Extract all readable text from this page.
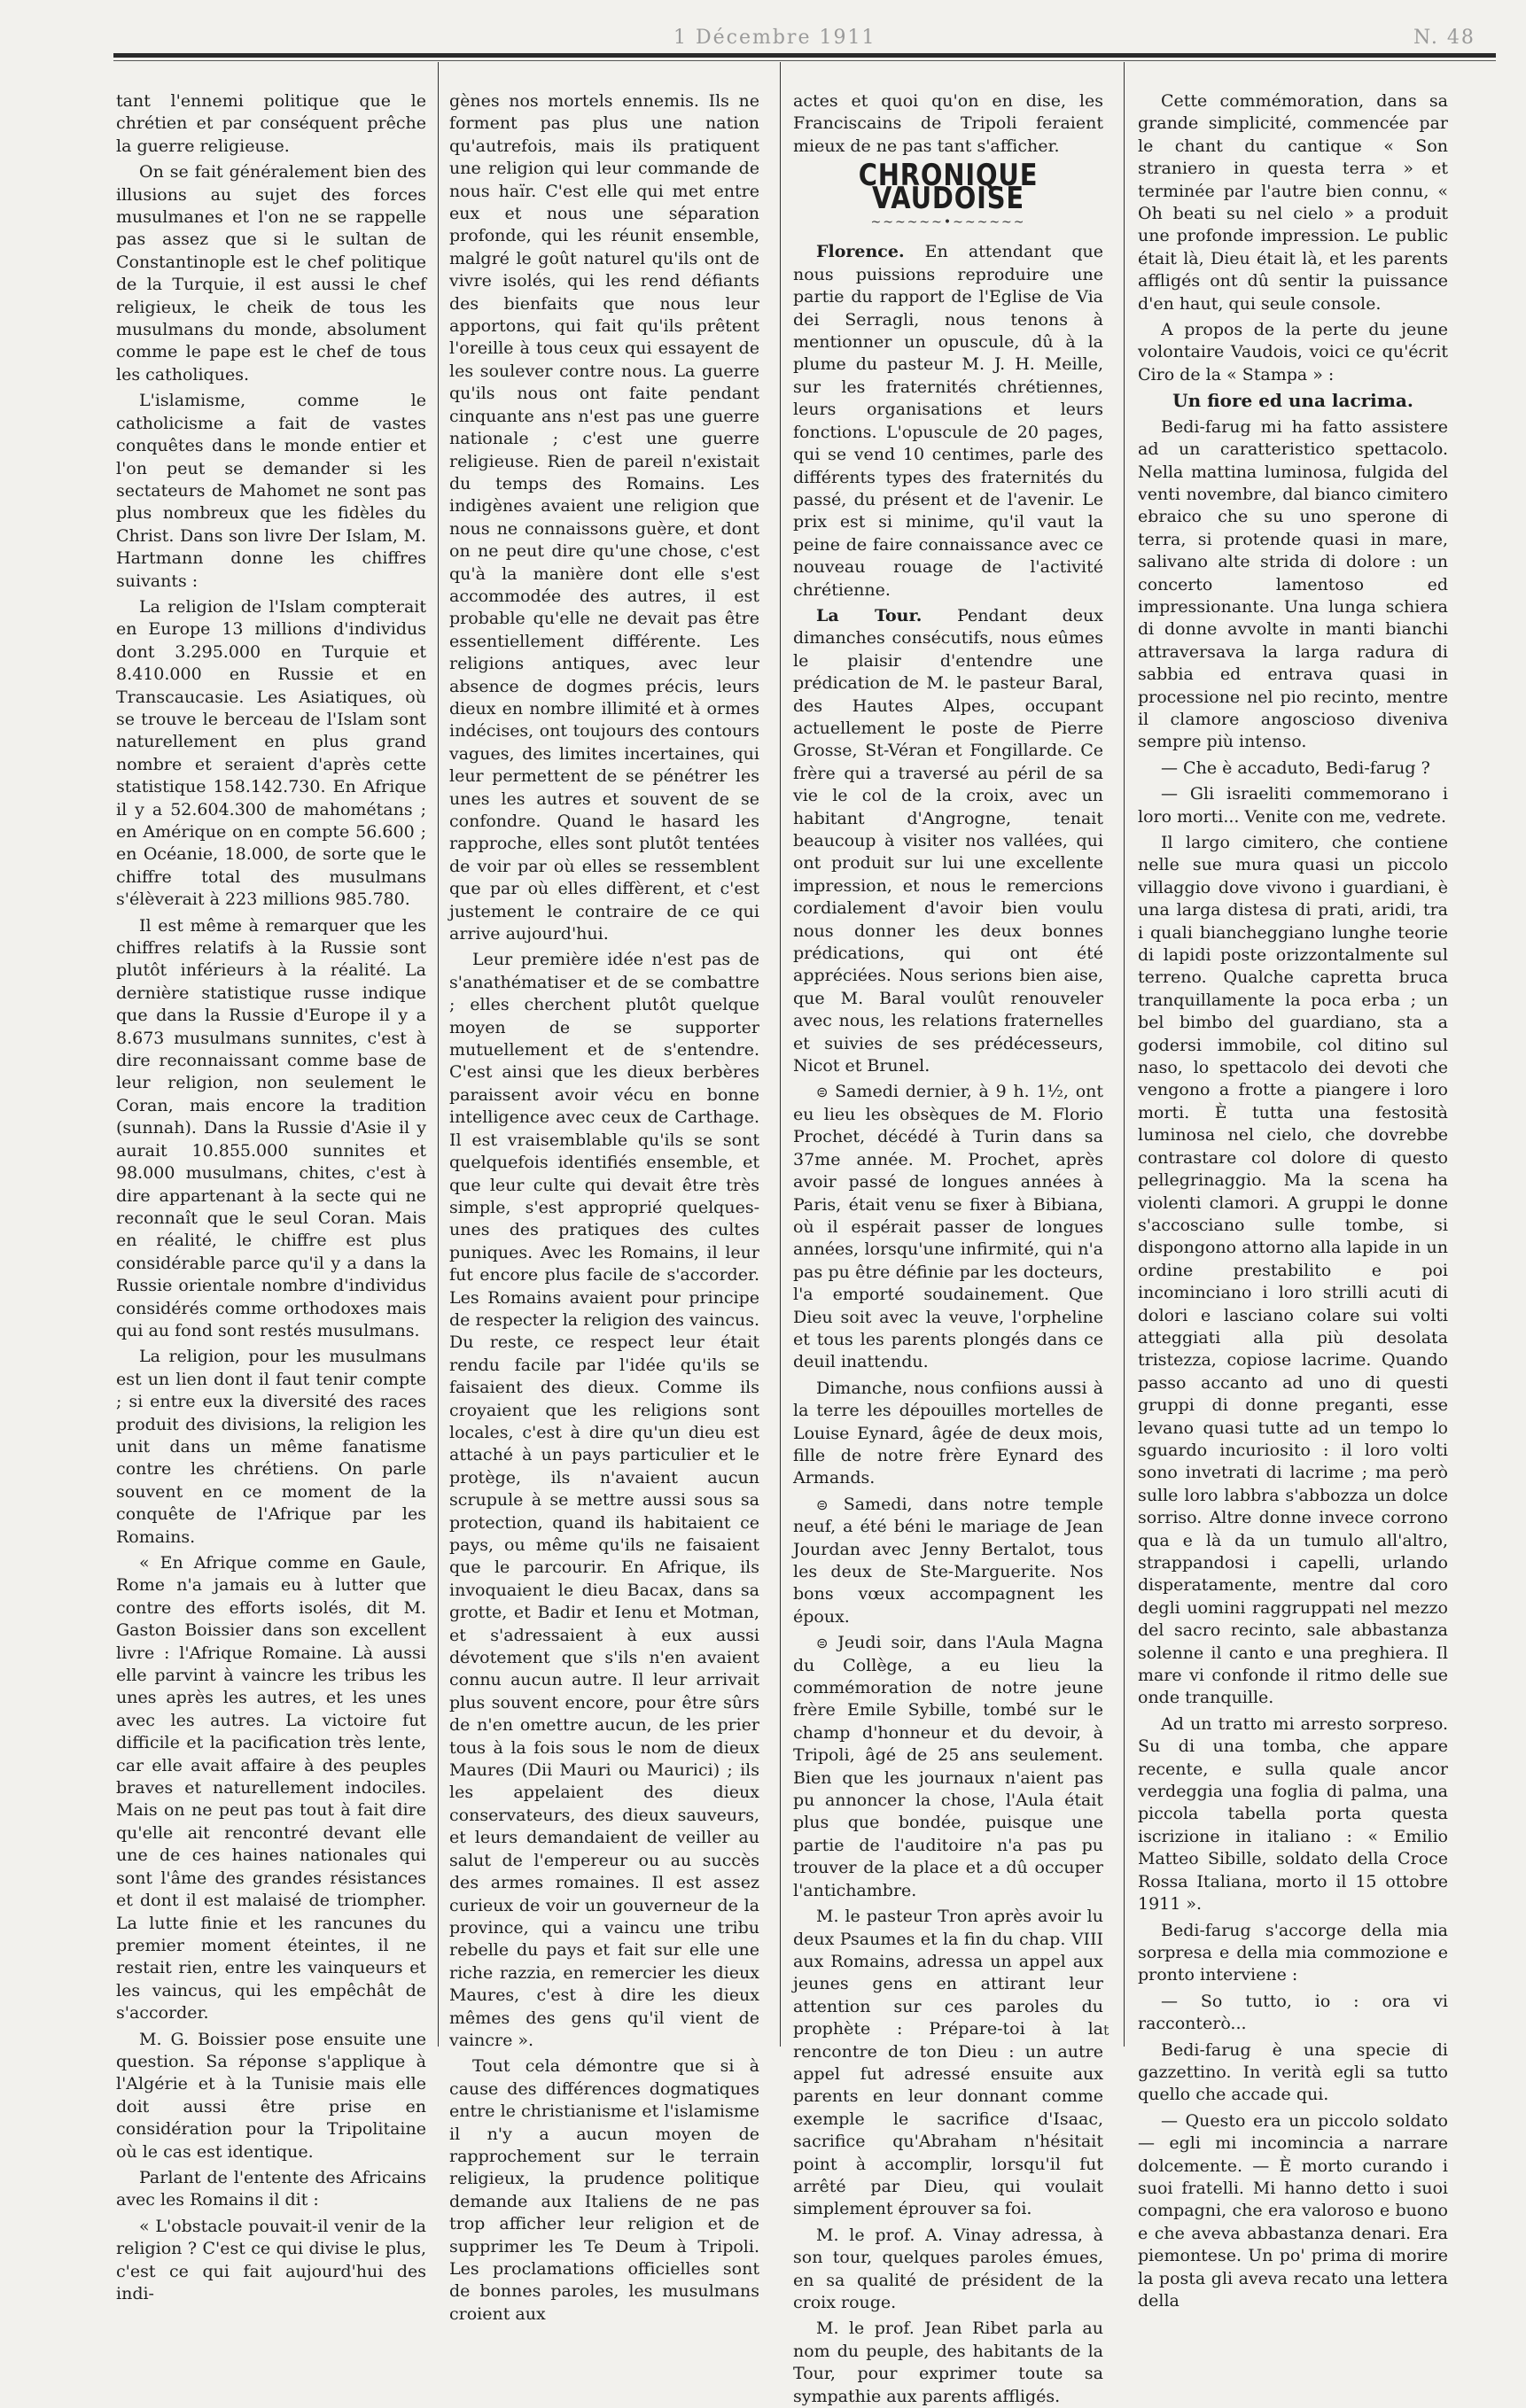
N. 48
1 Décembre 1911

tant l'ennemi politique que le chrétien et par conséquent prêche la guerre religieuse.

On se fait généralement bien des illusions au sujet des forces musulmanes et l'on ne se rappelle pas assez que si le sultan de Constantinople est le chef politique de la Turquie, il est aussi le chef religieux, le cheik de tous les musulmans du monde, absolument comme le pape est le chef de tous les catholiques.

L'islamisme, comme le catholicisme a fait de vastes conquêtes dans le monde entier et l'on peut se demander si les sectateurs de Mahomet ne sont pas plus nombreux que les fidèles du Christ. Dans son livre Der Islam, M. Hartmann donne les chiffres suivants :

La religion de l'Islam compterait en Europe 13 millions d'individus dont 3.295.000 en Turquie et 8.410.000 en Russie et en Transcaucasie. Les Asiatiques, où se trouve le berceau de l'Islam sont naturellement en plus grand nombre et seraient d'après cette statistique 158.142.730. En Afrique il y a 52.604.300 de mahométans ; en Amérique on en compte 56.600 ; en Océanie, 18.000, de sorte que le chiffre total des musulmans s'élèverait à 223 millions 985.780.

Il est même à remarquer que les chiffres relatifs à la Russie sont plutôt inférieurs à la réalité. La dernière statistique russe indique que dans la Russie d'Europe il y a 8.673 musulmans sunnites, c'est à dire reconnaissant comme base de leur religion, non seulement le Coran, mais encore la tradition (sunnah). Dans la Russie d'Asie il y aurait 10.855.000 sunnites et 98.000 musulmans, chites, c'est à dire appartenant à la secte qui ne reconnaît que le seul Coran. Mais en réalité, le chiffre est plus considérable parce qu'il y a dans la Russie orientale nombre d'individus considérés comme orthodoxes mais qui au fond sont restés musulmans.

La religion, pour les musulmans est un lien dont il faut tenir compte ; si entre eux la diversité des races produit des divisions, la religion les unit dans un même fanatisme contre les chrétiens. On parle souvent en ce moment de la conquête de l'Afrique par les Romains.

« En Afrique comme en Gaule, Rome n'a jamais eu à lutter que contre des efforts isolés, dit M. Gaston Boissier dans son excellent livre : l'Afrique Romaine. Là aussi elle parvint à vaincre les tribus les unes après les autres, et les unes avec les autres. La victoire fut difficile et la pacification très lente, car elle avait affaire à des peuples braves et naturellement indociles. Mais on ne peut pas tout à fait dire qu'elle ait rencontré devant elle une de ces haines nationales qui sont l'âme des grandes résistances et dont il est malaisé de triompher. La lutte finie et les rancunes du premier moment éteintes, il ne restait rien, entre les vainqueurs et les vaincus, qui les empêchât de s'accorder.

M. G. Boissier pose ensuite une question. Sa réponse s'applique à l'Algérie et à la Tunisie mais elle doit aussi être prise en considération pour la Tripolitaine où le cas est identique.

Parlant de l'entente des Africains avec les Romains il dit :

« L'obstacle pouvait-il venir de la religion ? C'est ce qui divise le plus, c'est ce qui fait aujourd'hui des indi-

gènes nos mortels ennemis. Ils ne forment pas plus une nation qu'autrefois, mais ils pratiquent une religion qui leur commande de nous haïr. C'est elle qui met entre eux et nous une séparation profonde, qui les réunit ensemble, malgré le goût naturel qu'ils ont de vivre isolés, qui les rend défiants des bienfaits que nous leur apportons, qui fait qu'ils prêtent l'oreille à tous ceux qui essayent de les soulever contre nous. La guerre qu'ils nous ont faite pendant cinquante ans n'est pas une guerre nationale ; c'est une guerre religieuse. Rien de pareil n'existait du temps des Romains. Les indigènes avaient une religion que nous ne connaissons guère, et dont on ne peut dire qu'une chose, c'est qu'à la manière dont elle s'est accommodée des autres, il est probable qu'elle ne devait pas être essentiellement différente. Les religions antiques, avec leur absence de dogmes précis, leurs dieux en nombre illimité et à ormes indécises, ont toujours des contours vagues, des limites incertaines, qui leur permettent de se pénétrer les unes les autres et souvent de se confondre. Quand le hasard les rapproche, elles sont plutôt tentées de voir par où elles se ressemblent que par où elles diffèrent, et c'est justement le contraire de ce qui arrive aujourd'hui.

Leur première idée n'est pas de s'anathématiser et de se combattre ; elles cherchent plutôt quelque moyen de se supporter mutuellement et de s'entendre. C'est ainsi que les dieux berbères paraissent avoir vécu en bonne intelligence avec ceux de Carthage. Il est vraisemblable qu'ils se sont quelquefois identifiés ensemble, et que leur culte qui devait être très simple, s'est approprié quelques-unes des pratiques des cultes puniques. Avec les Romains, il leur fut encore plus facile de s'accorder. Les Romains avaient pour principe de respecter la religion des vaincus. Du reste, ce respect leur était rendu facile par l'idée qu'ils se faisaient des dieux. Comme ils croyaient que les religions sont locales, c'est à dire qu'un dieu est attaché à un pays particulier et le protège, ils n'avaient aucun scrupule à se mettre aussi sous sa protection, quand ils habitaient ce pays, ou même qu'ils ne faisaient que le parcourir. En Afrique, ils invoquaient le dieu Bacax, dans sa grotte, et Badir et Ienu et Motman, et s'adressaient à eux aussi dévotement que s'ils n'en avaient connu aucun autre. Il leur arrivait plus souvent encore, pour être sûrs de n'en omettre aucun, de les prier tous à la fois sous le nom de dieux Maures (Dii Mauri ou Maurici) ; ils les appelaient des dieux conservateurs, des dieux sauveurs, et leurs demandaient de veiller au salut de l'empereur ou au succès des armes romaines. Il est assez curieux de voir un gouverneur de la province, qui a vaincu une tribu rebelle du pays et fait sur elle une riche razzia, en remercier les dieux Maures, c'est à dire les dieux mêmes des gens qu'il vient de vaincre ».

Tout cela démontre que si à cause des différences dogmatiques entre le christianisme et l'islamisme il n'y a aucun moyen de rapprochement sur le terrain religieux, la prudence politique demande aux Italiens de ne pas trop afficher leur religion et de supprimer les Te Deum à Tripoli. Les proclamations officielles sont de bonnes paroles, les musulmans croient aux

actes et quoi qu'on en dise, les Franciscains de Tripoli feraient mieux de ne pas tant s'afficher.

CHRONIQUE VAUDOISE
~~~~~~•~~~~~~

Florence. En attendant que nous puissions reproduire une partie du rapport de l'Eglise de Via dei Serragli, nous tenons à mentionner un opuscule, dû à la plume du pasteur M. J. H. Meille, sur les fraternités chrétiennes, leurs organisations et leurs fonctions. L'opuscule de 20 pages, qui se vend 10 centimes, parle des différents types des fraternités du passé, du présent et de l'avenir. Le prix est si minime, qu'il vaut la peine de faire connaissance avec ce nouveau rouage de l'activité chrétienne.

La Tour. Pendant deux dimanches consécutifs, nous eûmes le plaisir d'entendre une prédication de M. le pasteur Baral, des Hautes Alpes, occupant actuellement le poste de Pierre Grosse, St-Véran et Fongillarde. Ce frère qui a traversé au péril de sa vie le col de la croix, avec un habitant d'Angrogne, tenait beaucoup à visiter nos vallées, qui ont produit sur lui une excellente impression, et nous le remercions cordialement d'avoir bien voulu nous donner les deux bonnes prédications, qui ont été appréciées. Nous serions bien aise, que M. Baral voulût renouveler avec nous, les relations fraternelles et suivies de ses prédécesseurs, Nicot et Brunel.

⊜ Samedi dernier, à 9 h. 1½, ont eu lieu les obsèques de M. Florio Prochet, décédé à Turin dans sa 37me année. M. Prochet, après avoir passé de longues années à Paris, était venu se fixer à Bibiana, où il espérait passer de longues années, lorsqu'une infirmité, qui n'a pas pu être définie par les docteurs, l'a emporté soudainement. Que Dieu soit avec la veuve, l'orpheline et tous les parents plongés dans ce deuil inattendu.

Dimanche, nous confiions aussi à la terre les dépouilles mortelles de Louise Eynard, âgée de deux mois, fille de notre frère Eynard des Armands.

⊜ Samedi, dans notre temple neuf, a été béni le mariage de Jean Jourdan avec Jenny Bertalot, tous les deux de Ste-Marguerite. Nos bons vœux accompagnent les époux.

⊜ Jeudi soir, dans l'Aula Magna du Collège, a eu lieu la commémoration de notre jeune frère Emile Sybille, tombé sur le champ d'honneur et du devoir, à Tripoli, âgé de 25 ans seulement. Bien que les journaux n'aient pas pu annoncer la chose, l'Aula était plus que bondée, puisque une partie de l'auditoire n'a pas pu trouver de la place et a dû occuper l'antichambre.

M. le pasteur Tron après avoir lu deux Psaumes et la fin du chap. VIII aux Romains, adressa un appel aux jeunes gens en attirant leur attention sur ces paroles du prophète : Prépare-toi à la rencontre de ton Dieu : un autre appel fut adressé ensuite aux parents en leur donnant comme exemple le sacrifice d'Isaac, sacrifice qu'Abraham n'hésitait point à accomplir, lorsqu'il fut arrêté par Dieu, qui voulait simplement éprouver sa foi.

M. le prof. A. Vinay adressa, à son tour, quelques paroles émues, en sa qualité de président de la croix rouge.

M. le prof. Jean Ribet parla au nom du peuple, des habitants de la Tour, pour exprimer toute sa sympathie aux parents affligés.

Cette commémoration, dans sa grande simplicité, commencée par le chant du cantique « Son straniero in questa terra » et terminée par l'autre bien connu, « Oh beati su nel cielo » a produit une profonde impression. Le public était là, Dieu était là, et les parents affligés ont dû sentir la puissance d'en haut, qui seule console.

A propos de la perte du jeune volontaire Vaudois, voici ce qu'écrit Ciro de la « Stampa » :

Un fiore ed una lacrima.

Bedi-farug mi ha fatto assistere ad un caratteristico spettacolo. Nella mattina luminosa, fulgida del venti novembre, dal bianco cimitero ebraico che su uno sperone di terra, si protende quasi in mare, salivano alte strida di dolore : un concerto lamentoso ed impressionante. Una lunga schiera di donne avvolte in manti bianchi attraversava la larga radura di sabbia ed entrava quasi in processione nel pio recinto, mentre il clamore angoscioso diveniva sempre più intenso.

— Che è accaduto, Bedi-farug ?

— Gli israeliti commemorano i loro morti... Venite con me, vedrete.

Il largo cimitero, che contiene nelle sue mura quasi un piccolo villaggio dove vivono i guardiani, è una larga distesa di prati, aridi, tra i quali biancheggiano lunghe teorie di lapidi poste orizzontalmente sul terreno. Qualche capretta bruca tranquillamente la poca erba ; un bel bimbo del guardiano, sta a godersi immobile, col ditino sul naso, lo spettacolo dei devoti che vengono a frotte a piangere i loro morti. È tutta una festosità luminosa nel cielo, che dovrebbe contrastare col dolore di questo pellegrinaggio. Ma la scena ha violenti clamori. A gruppi le donne s'accosciano sulle tombe, si dispongono attorno alla lapide in un ordine prestabilito e poi incominciano i loro strilli acuti di dolori e lasciano colare sui volti atteggiati alla più desolata tristezza, copiose lacrime. Quando passo accanto ad uno di questi gruppi di donne preganti, esse levano quasi tutte ad un tempo lo sguardo incuriosito : il loro volti sono invetrati di lacrime ; ma però sulle loro labbra s'abbozza un dolce sorriso. Altre donne invece corrono qua e là da un tumulo all'altro, strappandosi i capelli, urlando disperatamente, mentre dal coro degli uomini raggruppati nel mezzo del sacro recinto, sale abbastanza solenne il canto e una preghiera. Il mare vi confonde il ritmo delle sue onde tranquille.

Ad un tratto mi arresto sorpreso. Su di una tomba, che appare recente, e sulla quale ancor verdeggia una foglia di palma, una piccola tabella porta questa iscrizione in italiano : « Emilio Matteo Sibille, soldato della Croce Rossa Italiana, morto il 15 ottobre 1911 ».

Bedi-farug s'accorge della mia sorpresa e della mia commozione e pronto interviene :

— So tutto, io : ora vi racconterò...

Bedi-farug è una specie di gazzettino. In verità egli sa tutto quello che accade qui.

— Questo era un piccolo soldato — egli mi incomincia a narrare dolcemente. — È morto curando i suoi fratelli. Mi hanno detto i suoi compagni, che era valoroso e buono e che aveva abbastanza denari. Era piemontese. Un po' prima di morire la posta gli aveva recato una lettera della

t
